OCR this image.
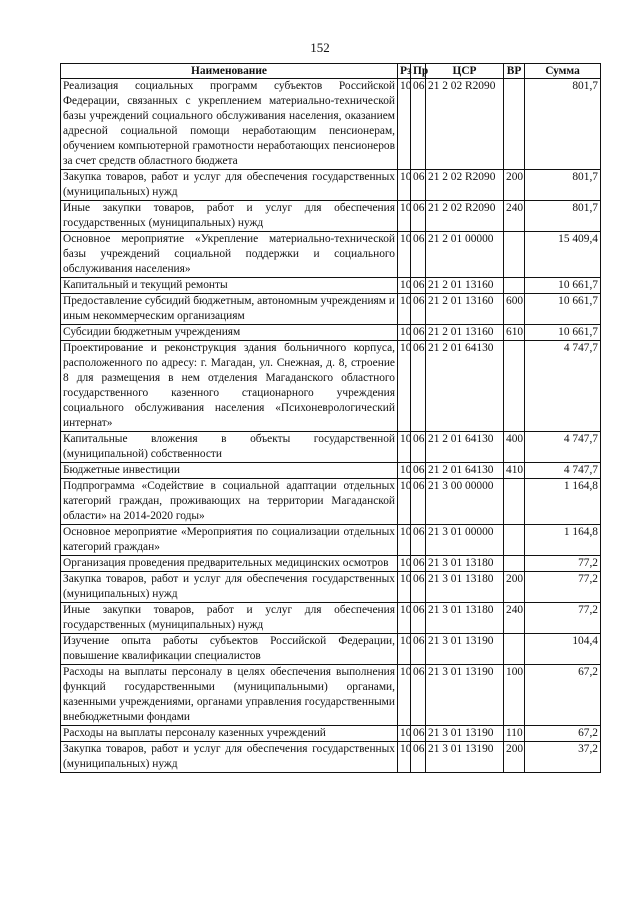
152
Наименование	Рз	Пр	ЦСР	ВР	Сумма
Реализация социальных программ субъектов Российской Федерации, связанных с укреплением материально-технической базы учреждений социального обслуживания населения, оказанием адресной социальной помощи неработающим пенсионерам, обучением компьютерной грамотности неработающих пенсионеров за счет средств областного бюджета	10	06	21 2 02 R2090		801,7
Закупка товаров, работ и услуг для обеспечения государственных (муниципальных) нужд	10	06	21 2 02 R2090	200	801,7
Иные закупки товаров, работ и услуг для обеспечения государственных (муниципальных) нужд	10	06	21 2 02 R2090	240	801,7
Основное мероприятие «Укрепление материально-технической базы учреждений социальной поддержки и социального обслуживания населения»	10	06	21 2 01 00000		15 409,4
Капитальный и текущий ремонты	10	06	21 2 01 13160		10 661,7
Предоставление субсидий бюджетным, автономным учреждениям и иным некоммерческим организациям	10	06	21 2 01 13160	600	10 661,7
Субсидии бюджетным учреждениям	10	06	21 2 01 13160	610	10 661,7
Проектирование и реконструкция здания больничного корпуса, расположенного по адресу: г. Магадан, ул. Снежная, д. 8, строение 8 для размещения в нем отделения Магаданского областного государственного казенного стационарного учреждения социального обслуживания населения «Психоневрологический интернат»	10	06	21 2 01 64130		4 747,7
Капитальные вложения в объекты государственной (муниципальной) собственности	10	06	21 2 01 64130	400	4 747,7
Бюджетные инвестиции	10	06	21 2 01 64130	410	4 747,7
Подпрограмма «Содействие в социальной адаптации отдельных категорий граждан, проживающих на территории Магаданской области» на 2014-2020 годы»	10	06	21 3 00 00000		1 164,8
Основное мероприятие «Мероприятия по социализации отдельных категорий граждан»	10	06	21 3 01 00000		1 164,8
Организация проведения предварительных медицинских осмотров	10	06	21 3 01 13180		77,2
Закупка товаров, работ и услуг для обеспечения государственных (муниципальных) нужд	10	06	21 3 01 13180	200	77,2
Иные закупки товаров, работ и услуг для обеспечения государственных (муниципальных) нужд	10	06	21 3 01 13180	240	77,2
Изучение опыта работы субъектов Российской Федерации, повышение квалификации специалистов	10	06	21 3 01 13190		104,4
Расходы на выплаты персоналу в целях обеспечения выполнения функций государственными (муниципальными) органами, казенными учреждениями, органами управления государственными внебюджетными фондами	10	06	21 3 01 13190	100	67,2
Расходы на выплаты персоналу казенных учреждений	10	06	21 3 01 13190	110	67,2
Закупка товаров, работ и услуг для обеспечения государственных (муниципальных) нужд	10	06	21 3 01 13190	200	37,2
